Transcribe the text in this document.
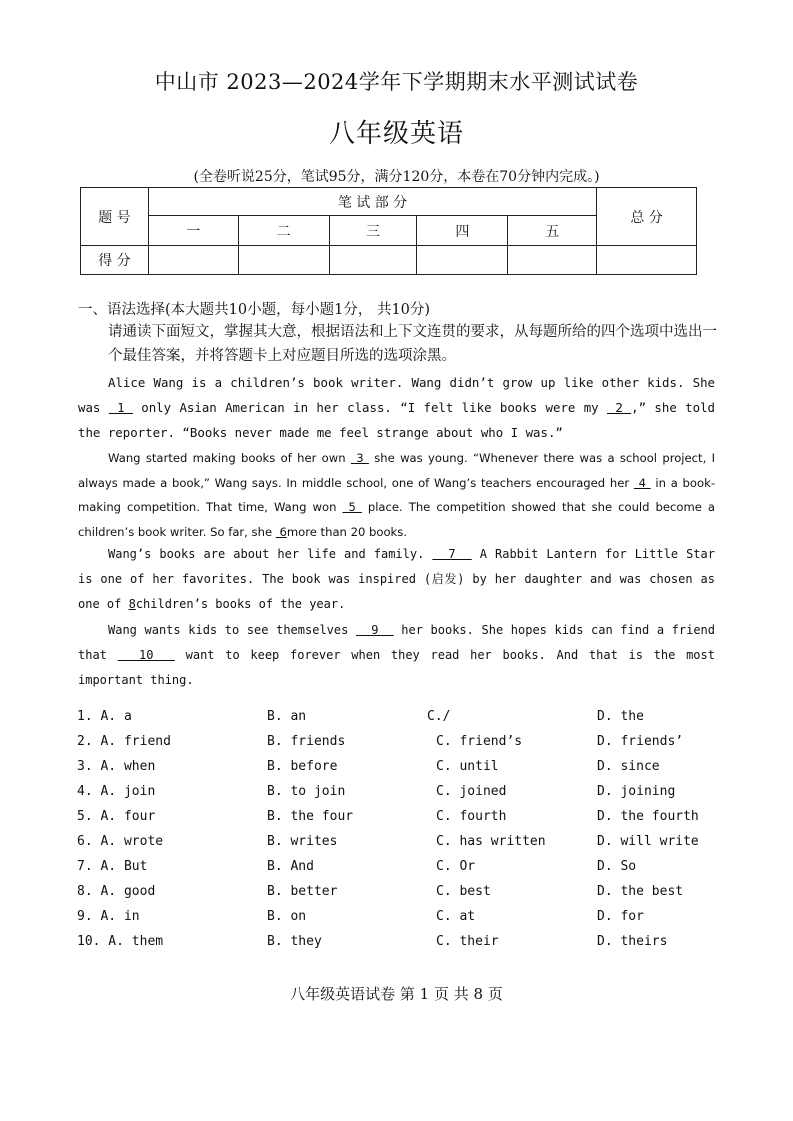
中山市 2023—2024学年下学期期末水平测试试卷
八年级英语
(全卷听说25分，笔试95分，满分120分，本卷在70分钟内完成。)
题 号	笔 试 部 分					总 分
	一	二	三	四	五	
得 分						
一、语法选择(本大题共10小题，每小题1分， 共10分)
请通读下面短文，掌握其大意，根据语法和上下文连贯的要求，从每题所给的四个选项中选出一个最佳答案，并将答题卡上对应题目所选的选项涂黑。
Alice Wang is a children’s book writer. Wang didn’t grow up like other kids. She was  1  only Asian American in her class. “I felt like books were my  2 ,” she told the reporter. “Books never made me feel strange about who I was.”
Wang started making books of her own  3  she was young. “Whenever there was a school project, I always made a book,” Wang says. In middle school, one of Wang’s teachers encouraged her  4  in a book-making competition. That time, Wang won  5  place. The competition showed that she could become a children’s book writer. So far, she  6more than 20 books.
Wang’s books are about her life and family.   7   A Rabbit Lantern for Little Star is one of her favorites. The book was inspired (启发) by her daughter and was chosen as one of 8children’s books of the year.
Wang wants kids to see themselves   9   her books. She hopes kids can find a friend that   10   want to keep forever when they read her books. And that is the most important thing.
1. A. a	B. an	C./	D. the
2. A. friend	B. friends	C. friend’s	D. friends’
3. A. when	B. before	C. until	D. since
4. A. join	B. to join	C. joined	D. joining
5. A. four	B. the four	C. fourth	D. the fourth
6. A. wrote	B. writes	C. has written	D. will write
7. A. But	B. And	C. Or	D. So
8. A. good	B. better	C. best	D. the best
9. A. in	B. on	C. at	D. for
10. A. them	B. they	C. their	D. theirs
八年级英语试卷 第 1 页 共 8 页
